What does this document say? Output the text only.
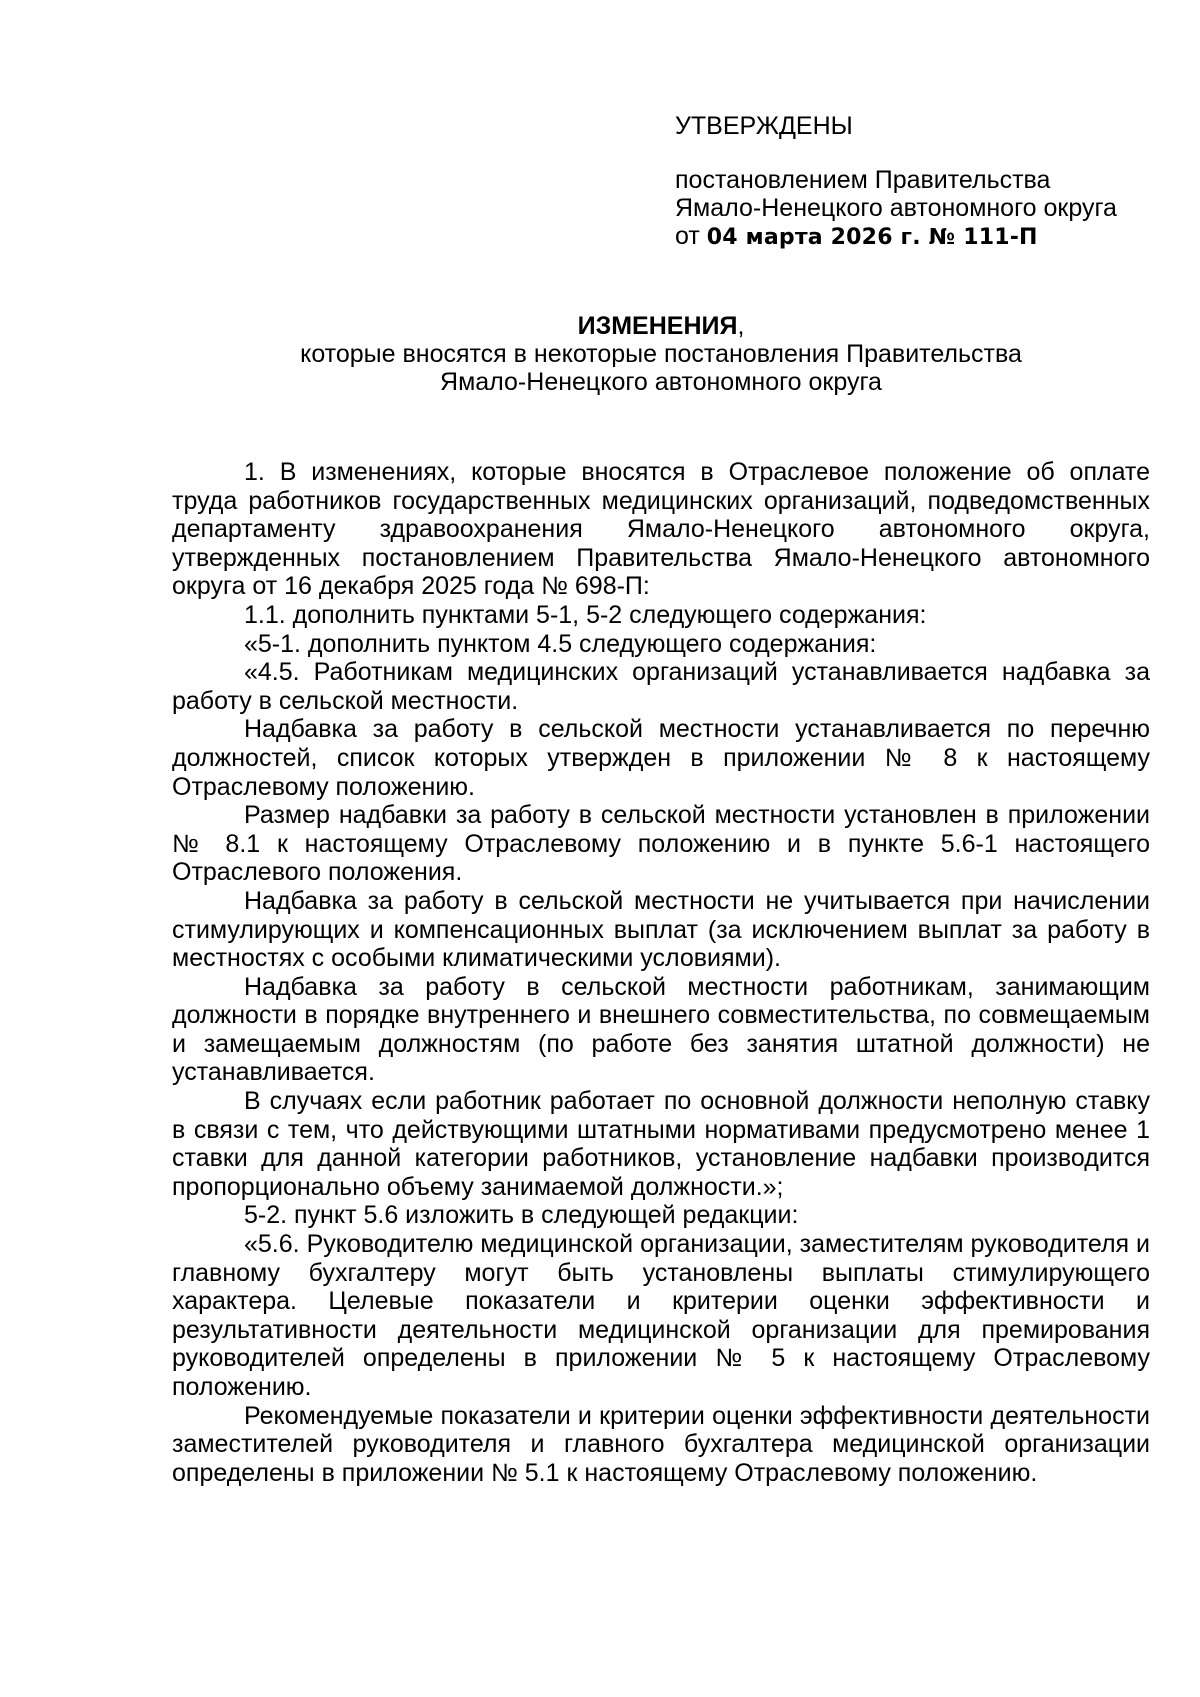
УТВЕРЖДЕНЫ
постановлением Правительства
Ямало-Ненецкого автономного округа
от 04 марта 2026 г. № 111-П
ИЗМЕНЕНИЯ,
которые вносятся в некоторые постановления Правительства
Ямало-Ненецкого автономного округа

1. В изменениях, которые вносятся в Отраслевое положение об оплате труда работников государственных медицинских организаций, подведомственных департаменту здравоохранения Ямало-Ненецкого автономного округа, утвержденных постановлением Правительства Ямало-Ненецкого автономного округа от 16 декабря 2025 года № 698-П:

1.1. дополнить пунктами 5-1, 5-2 следующего содержания:

«5-1. дополнить пунктом 4.5 следующего содержания:

«4.5. Работникам медицинских организаций устанавливается надбавка за работу в сельской местности.

Надбавка за работу в сельской местности устанавливается по перечню должностей, список которых утвержден в приложении № 8 к настоящему Отраслевому положению.

Размер надбавки за работу в сельской местности установлен в приложении № 8.1 к настоящему Отраслевому положению и в пункте 5.6-1 настоящего Отраслевого положения.

Надбавка за работу в сельской местности не учитывается при начислении стимулирующих и компенсационных выплат (за исключением выплат за работу в местностях с особыми климатическими условиями).

Надбавка за работу в сельской местности работникам, занимающим должности в порядке внутреннего и внешнего совместительства, по совмещаемым и замещаемым должностям (по работе без занятия штатной должности) не устанавливается.

В случаях если работник работает по основной должности неполную ставку в связи с тем, что действующими штатными нормативами предусмотрено менее 1 ставки для данной категории работников, установление надбавки производится пропорционально объему занимаемой должности.»;

5-2. пункт 5.6 изложить в следующей редакции:

«5.6. Руководителю медицинской организации, заместителям руководителя и главному бухгалтеру могут быть установлены выплаты стимулирующего характера. Целевые показатели и критерии оценки эффективности и результативности деятельности медицинской организации для премирования руководителей определены в приложении № 5 к настоящему Отраслевому положению.

Рекомендуемые показатели и критерии оценки эффективности деятельности заместителей руководителя и главного бухгалтера медицинской организации определены в приложении № 5.1 к настоящему Отраслевому положению.
